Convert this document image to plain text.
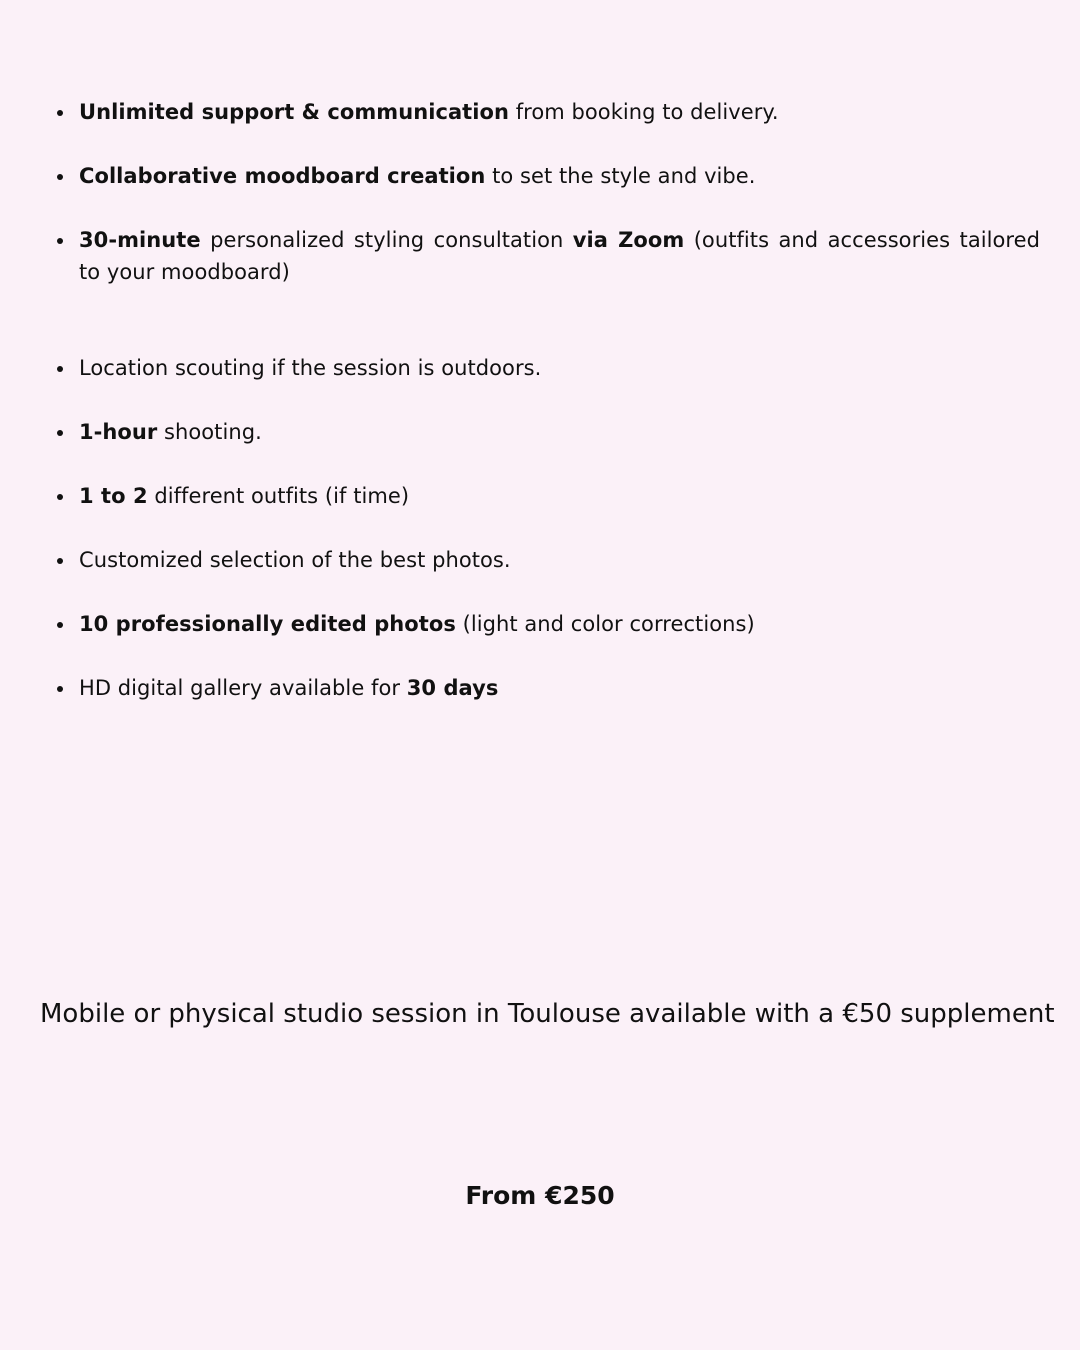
Unlimited support & communication from booking to delivery.
Collaborative moodboard creation to set the style and vibe.
30-minute personalized styling consultation via Zoom (outfits and accessories tailored to your moodboard)
Location scouting if the session is outdoors.
1-hour shooting.
1 to 2 different outfits (if time)
Customized selection of the best photos.
10 professionally edited photos (light and color corrections)
HD digital gallery available for 30 days

Mobile or physical studio session in Toulouse available with a €50 supplement

From €250
